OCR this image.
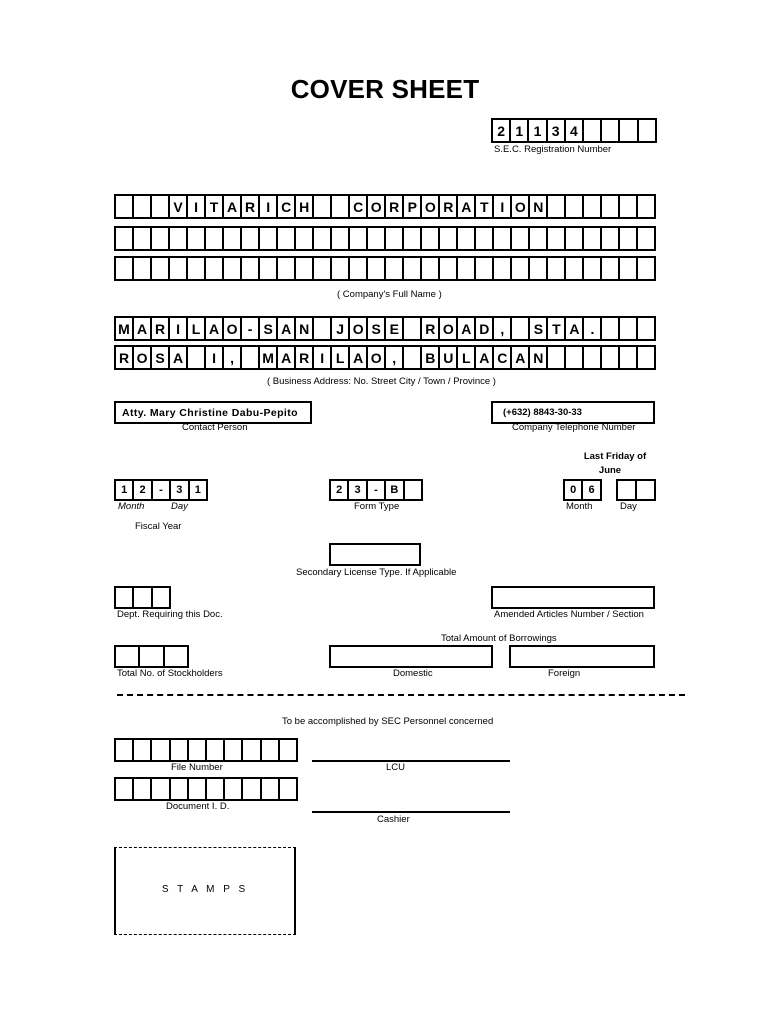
COVER SHEET
2 1 1 3 4
S.E.C. Registration Number
V I T A R I C H	C O R P O R A T I O N
( Company's Full Name )
M A R I L A O - S A N	J O S E	R O A D ,	S T A .
R O S A	I	,	M A R I L A O ,	B U L A C A N
( Business Address: No. Street City / Town / Province )
Atty. Mary Christine Dabu-Pepito
Contact Person
(+632) 8843-30-33
Company Telephone Number
Last Friday of
June
1	2	-	3	1
Month	Day
Fiscal Year
2	3	-	B
Form Type
0	6
Month	Day
Secondary License Type. If Applicable
Dept. Requiring this Doc.	Amended Articles Number / Section
Total Amount of Borrowings
Total No. of Stockholders	Domestic	Foreign
To be accomplished by SEC Personnel concerned
File Number	LCU
Document I. D.
Cashier
S T A M P S
